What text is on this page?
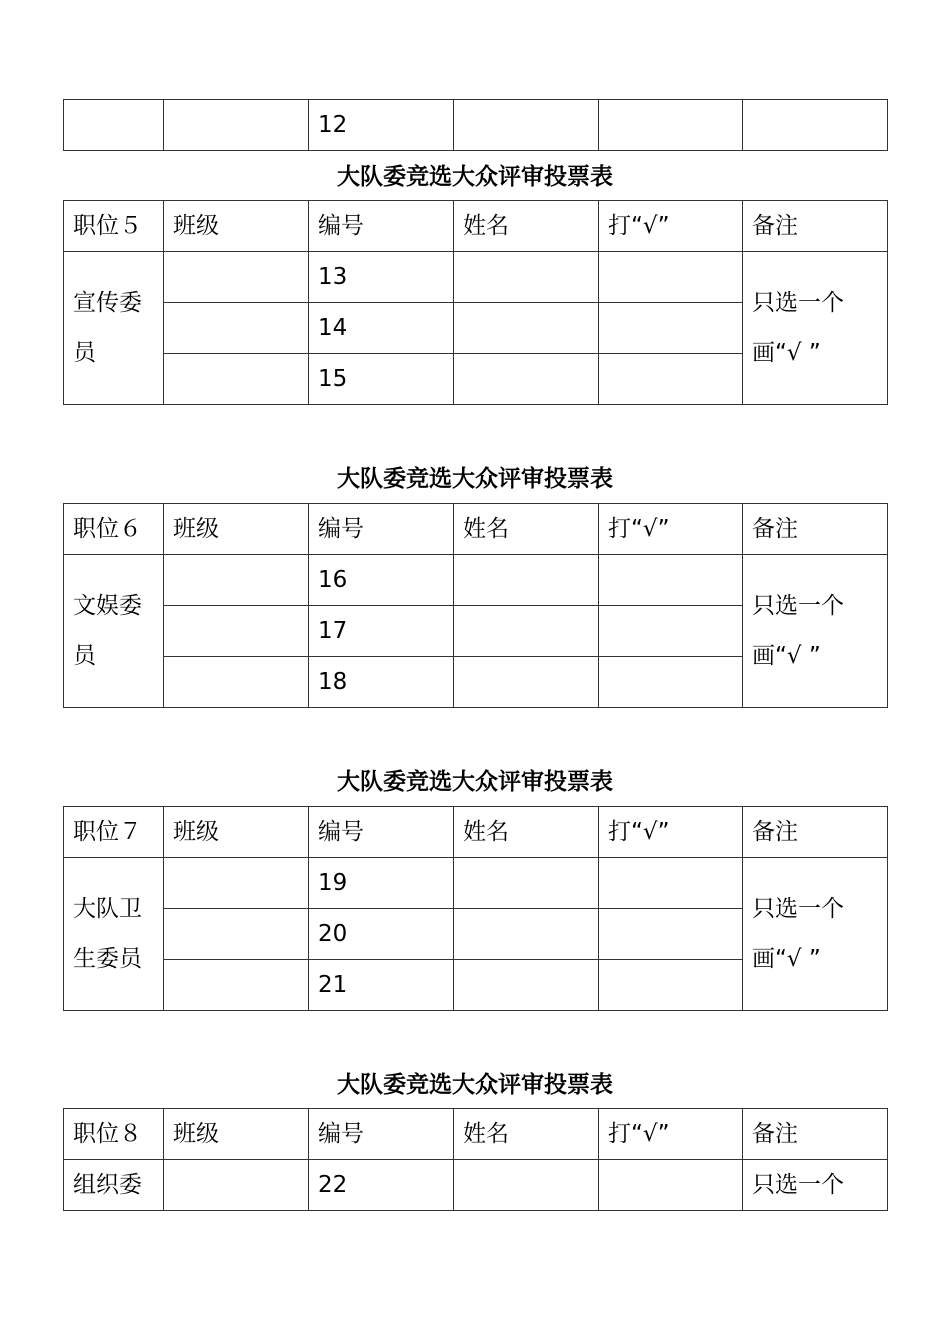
		12			
大队委竞选大众评审投票表
职位５	班级	编号	姓名	打“√”	备注
宣传委员		13			只选一个画“√ ”
		14			
		15			
大队委竞选大众评审投票表
职位６	班级	编号	姓名	打“√”	备注
文娱委员		16			只选一个画“√ ”
		17			
		18			
大队委竞选大众评审投票表
职位７	班级	编号	姓名	打“√”	备注
大队卫生委员		19			只选一个画“√ ”
		20			
		21			
大队委竞选大众评审投票表
职位８	班级	编号	姓名	打“√”	备注
组织委		22			只选一个
